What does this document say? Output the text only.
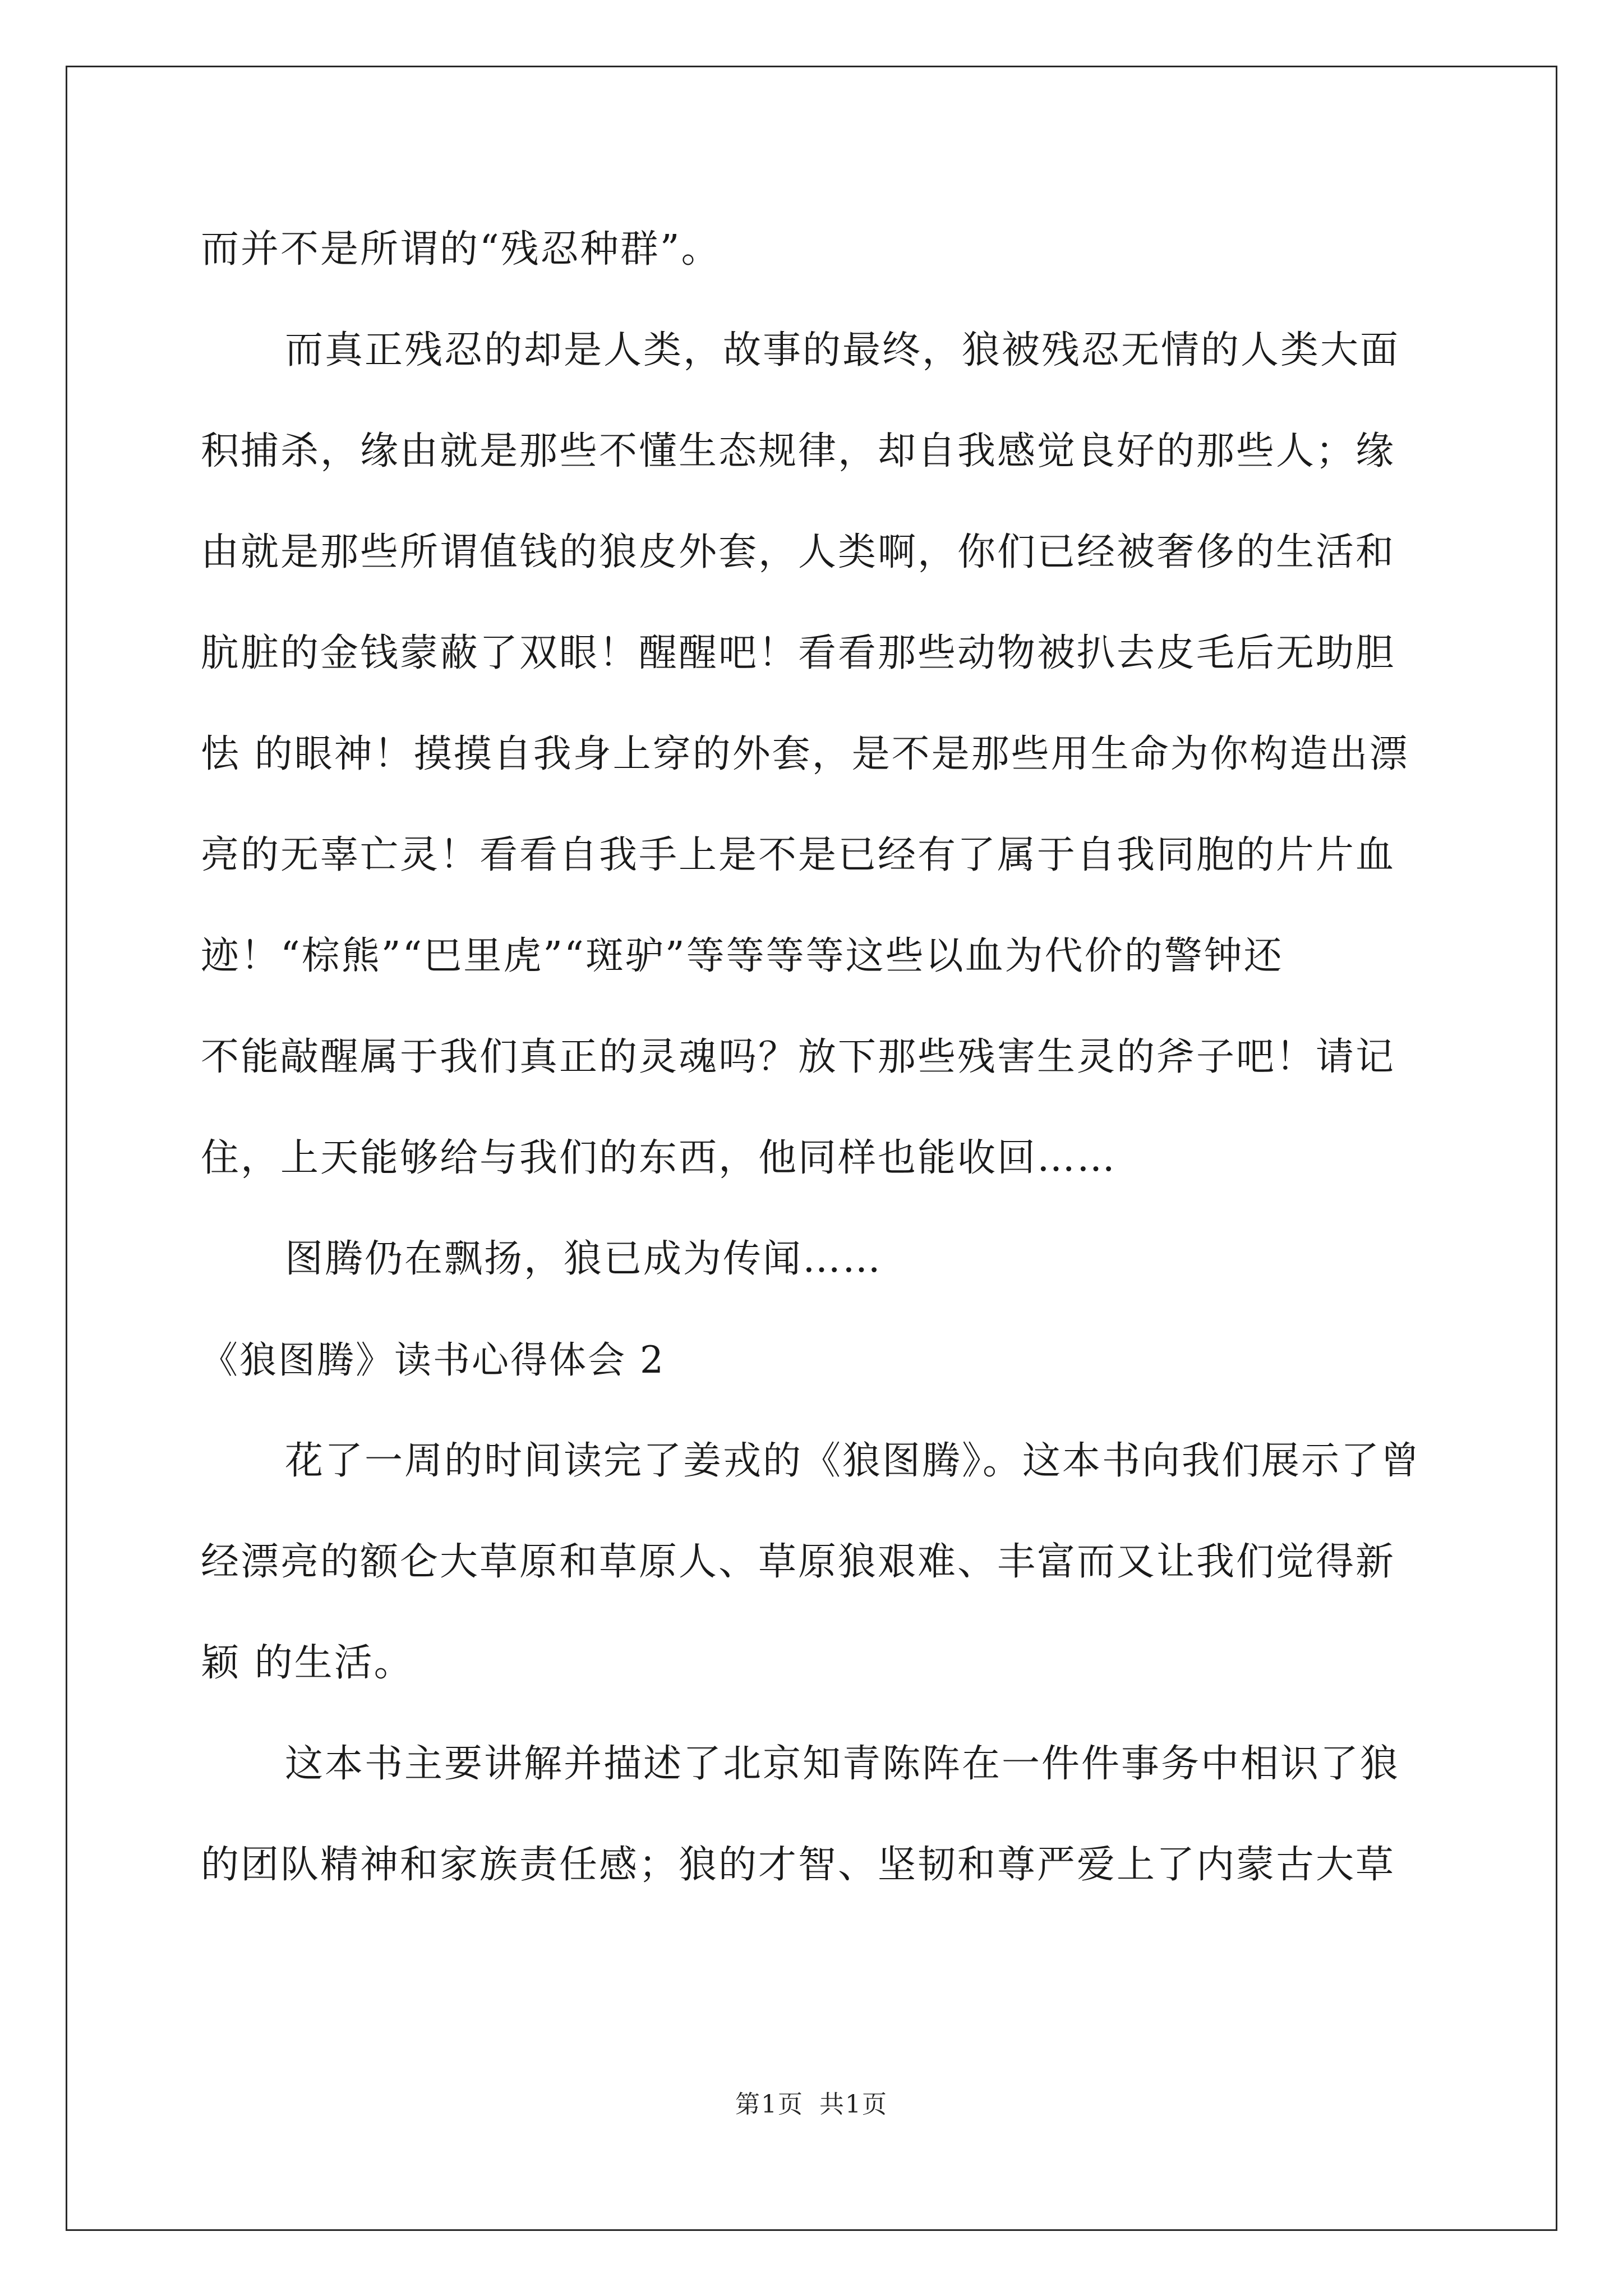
而并不是所谓的“残忍种群”。
而真正残忍的却是人类，故事的最终，狼被残忍无情的人类大面
积捕杀，缘由就是那些不懂生态规律，却自我感觉良好的那些人；缘
由就是那些所谓值钱的狼皮外套，人类啊，你们已经被奢侈的生活和
肮脏的金钱蒙蔽了双眼！醒醒吧！看看那些动物被扒去皮毛后无助胆
怯 的眼神！摸摸自我身上穿的外套，是不是那些用生命为你构造出漂
亮的无辜亡灵！看看自我手上是不是已经有了属于自我同胞的片片血
迹！“棕熊”“巴里虎”“斑驴”等等等等这些以血为代价的警钟还
不能敲醒属于我们真正的灵魂吗？放下那些残害生灵的斧子吧！请记
住，上天能够给与我们的东西，他同样也能收回……
图腾仍在飘扬，狼已成为传闻……
《狼图腾》读书心得体会 2
花了一周的时间读完了姜戎的《狼图腾》。这本书向我们展示了曾
经漂亮的额仑大草原和草原人、草原狼艰难、丰富而又让我们觉得新
颖 的生活。
这本书主要讲解并描述了北京知青陈阵在一件件事务中相识了狼
的团队精神和家族责任感；狼的才智、坚韧和尊严爱上了内蒙古大草
第1页 共1页
